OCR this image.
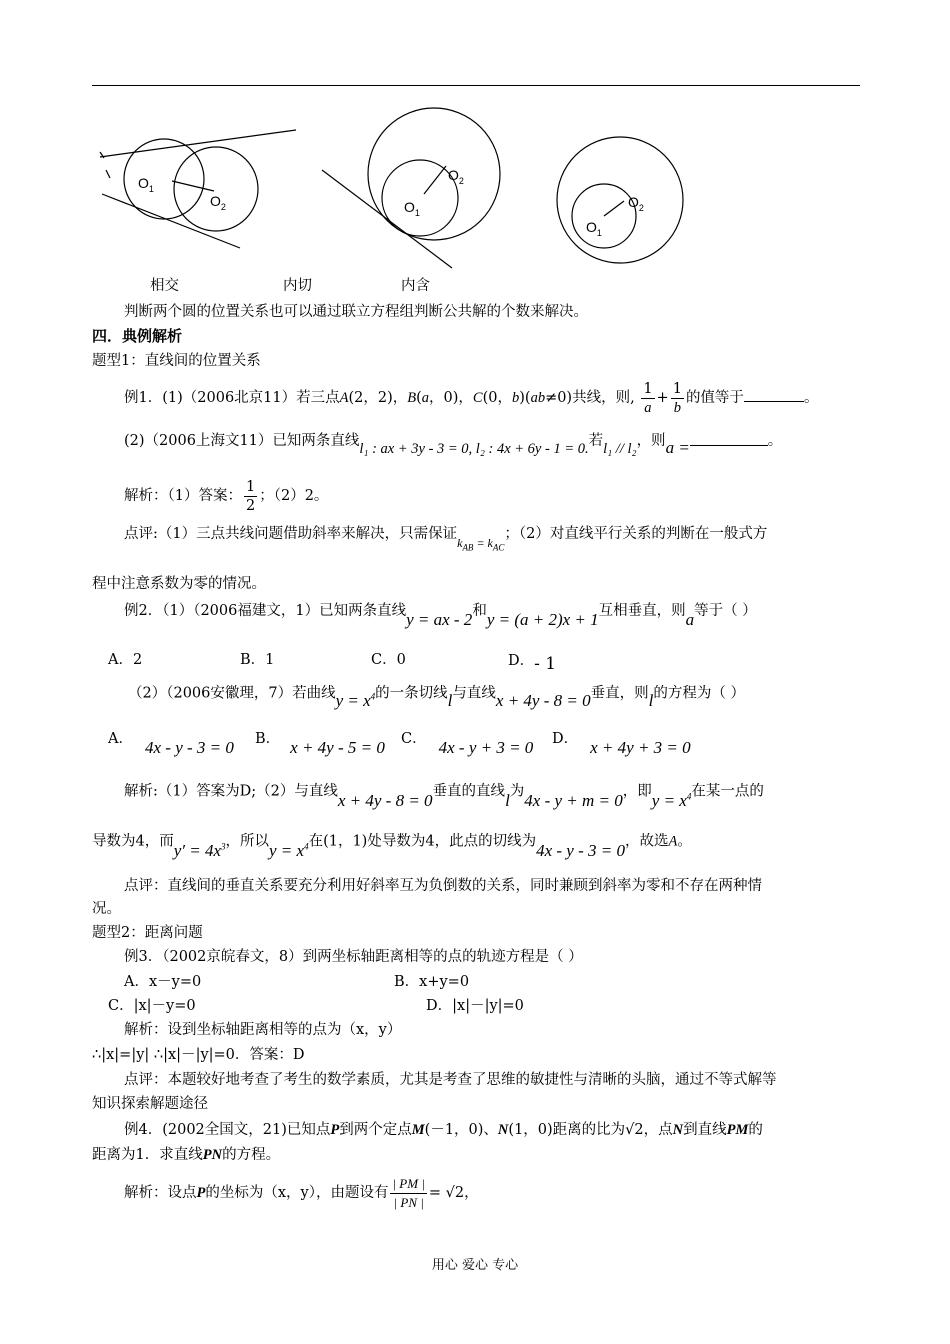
$O_1$
$O_2$
$O_2$
$O_1$
$O_2$
$O_1$
相交	内切	内含
判断两个圆的位置关系也可以通过联立方程组判断公共解的个数来解决。
四．典例解析
题型1：直线间的位置关系
例1．(1)（2006北京11）若三点A(2，2)，B(a，0)，C(0，b)(ab≠0)共线，则, $\frac{1}{a} + \frac{1}{b}$ 的值等于	。
(2)（2006上海文11）已知两条直线l₁ : ax + 3y - 3 = 0, l₂ : 4x + 6y - 1 = 0.若l₁ // l₂，则a =	。
解析：（1）答案： $\frac{1}{2}$ ；（2）2。
点评:（1）三点共线问题借助斜率来解决，只需保证$_{k_{AB} = k_{AC}}$；（2）对直线平行关系的判断在一般式方
程中注意系数为零的情况。
例2．（1）（2006福建文，1）已知两条直线y = ax - 2和y = (a + 2)x + 1互相垂直，则a等于（ ）
A．2	B．1	C．0	D．- 1
（2）（2006安徽理，7）若曲线$y = x^4$的一条切线l与直线x + 4y - 8 = 0垂直，则l的方程为（ ）
A． 4x - y - 3 = 0 B． x + 4y - 5 = 0 C． 4x - y + 3 = 0 D． x + 4y + 3 = 0
解析:（1）答案为D;（2）与直线x + 4y - 8 = 0垂直的直线l为4x - y + m = 0，即$y = x^4$在某一点的
导数为4，而$y' = 4x^3$，所以$y = x^4$在(1，1)处导数为4，此点的切线为4x - y - 3 = 0，故选A。
点评：直线间的垂直关系要充分利用好斜率互为负倒数的关系，同时兼顾到斜率为零和不存在两种情
况。
题型2：距离问题
例3．（2002京皖春文，8）到两坐标轴距离相等的点的轨迹方程是（ ）
A．x－y=0	B．x+y=0
C．|x|－y=0	D．|x|－|y|=0
解析：设到坐标轴距离相等的点为（x，y）
∴|x|=|y| ∴|x|－|y|=0．答案：D
点评：本题较好地考查了考生的数学素质，尤其是考查了思维的敏捷性与清晰的头脑，通过不等式解等
知识探索解题途径
例4．(2002全国文，21)已知点P到两个定点M(－1，0)、N(1，0)距离的比为√2，点N到直线PM的
距离为1．求直线PN的方程。
解析：设点P的坐标为（x，y），由题设有 $\frac{| PM |}{| PN |} = √2$，
用心 爱心 专心
